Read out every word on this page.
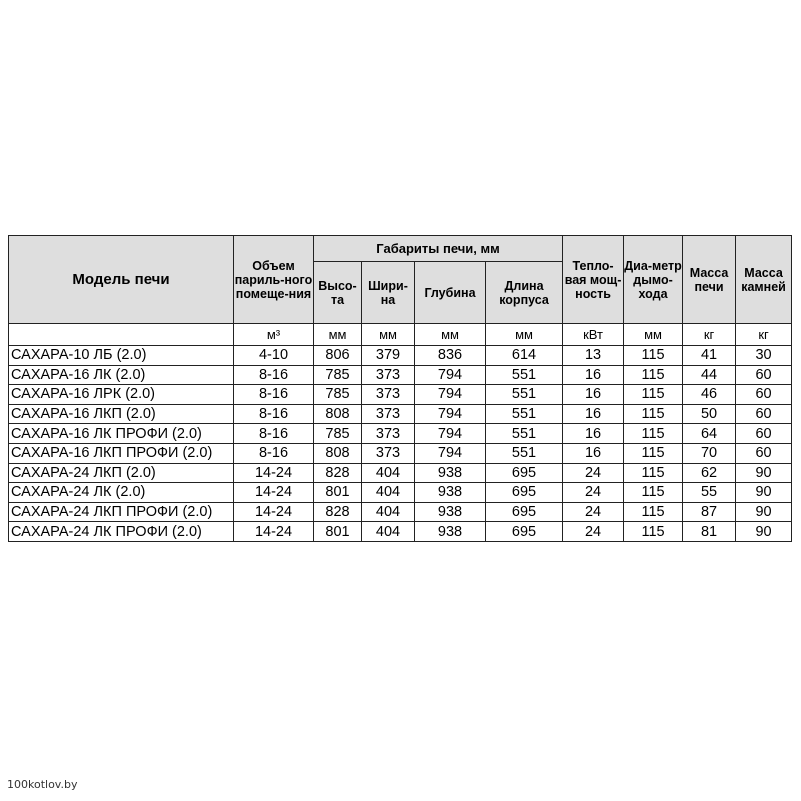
Модель печи	Объем париль-ного помеще-ния	Габариты печи, мм				Тепло-вая мощ-ность	Диа-метр дымо-хода	Масса печи	Масса камней
		Высо-та	Шири-на	Глубина	Длина корпуса				
	м³	мм	мм	мм	мм	кВт	мм	кг	кг
САХАРА-10 ЛБ (2.0)	4-10	806	379	836	614	13	115	41	30
САХАРА-16 ЛК (2.0)	8-16	785	373	794	551	16	115	44	60
САХАРА-16 ЛРК (2.0)	8-16	785	373	794	551	16	115	46	60
САХАРА-16 ЛКП (2.0)	8-16	808	373	794	551	16	115	50	60
САХАРА-16 ЛК ПРОФИ (2.0)	8-16	785	373	794	551	16	115	64	60
САХАРА-16 ЛКП ПРОФИ (2.0)	8-16	808	373	794	551	16	115	70	60
САХАРА-24 ЛКП (2.0)	14-24	828	404	938	695	24	115	62	90
САХАРА-24 ЛК (2.0)	14-24	801	404	938	695	24	115	55	90
САХАРА-24 ЛКП ПРОФИ (2.0)	14-24	828	404	938	695	24	115	87	90
САХАРА-24 ЛК ПРОФИ (2.0)	14-24	801	404	938	695	24	115	81	90
100kotlov.by
